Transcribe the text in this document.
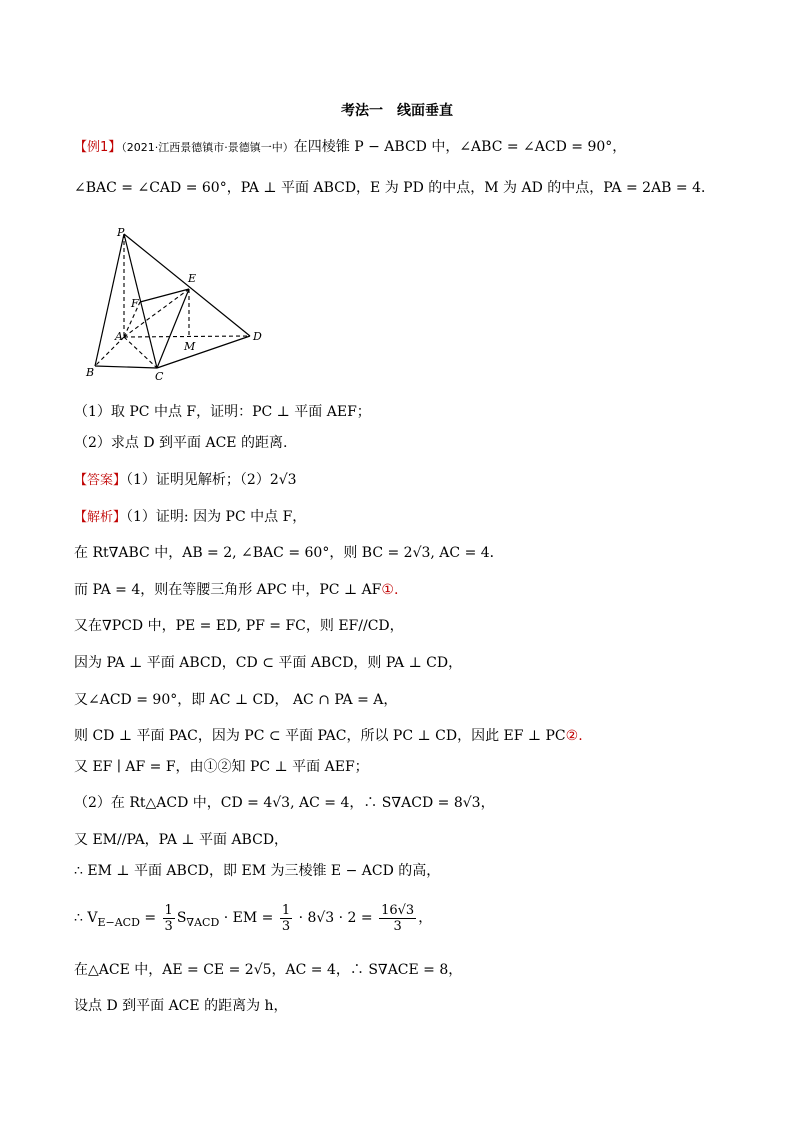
考法一　线面垂直
【例1】（2021·江西景德镇市·景德镇一中）在四棱锥 P − ABCD 中，∠ABC = ∠ACD = 90°，
∠BAC = ∠CAD = 60°，PA ⊥ 平面 ABCD，E 为 PD 的中点，M 为 AD 的中点，PA = 2AB = 4．
P
E
F
A
M
D
B	C
（1）取 PC 中点 F，证明：PC ⊥ 平面 AEF；
（2）求点 D 到平面 ACE 的距离.
【答案】（1）证明见解析；（2）2√3
【解析】（1）证明: 因为 PC 中点 F，
在 Rt∇ABC 中，AB = 2, ∠BAC = 60°，则 BC = 2√3, AC = 4．
而 PA = 4，则在等腰三角形 APC 中，PC ⊥ AF①.
又在∇PCD 中，PE = ED, PF = FC，则 EF//CD，
因为 PA ⊥ 平面 ABCD，CD ⊂ 平面 ABCD，则 PA ⊥ CD，
又∠ACD = 90°，即 AC ⊥ CD， AC ∩ PA = A，
则 CD ⊥ 平面 PAC，因为 PC ⊂ 平面 PAC，所以 PC ⊥ CD，因此 EF ⊥ PC②.
又 EF ∣ AF = F，由①②知 PC ⊥ 平面 AEF；
（2）在 Rt△ACD 中，CD = 4√3, AC = 4，∴ S∇ACD = 8√3，
又 EM//PA，PA ⊥ 平面 ABCD，
∴ EM ⊥ 平面 ABCD，即 EM 为三棱锥 E − ACD 的高，
∴ $V_{E-ACD} = \frac{1}{3} S_{\nabla ACD}$ · EM = $\frac{1}{3} \cdot 8√3 \cdot 2 = \frac{16√3}{3}$ ，
在△ACE 中，AE = CE = 2√5，AC = 4，∴ S∇ACE = 8，
设点 D 到平面 ACE 的距离为 h，
